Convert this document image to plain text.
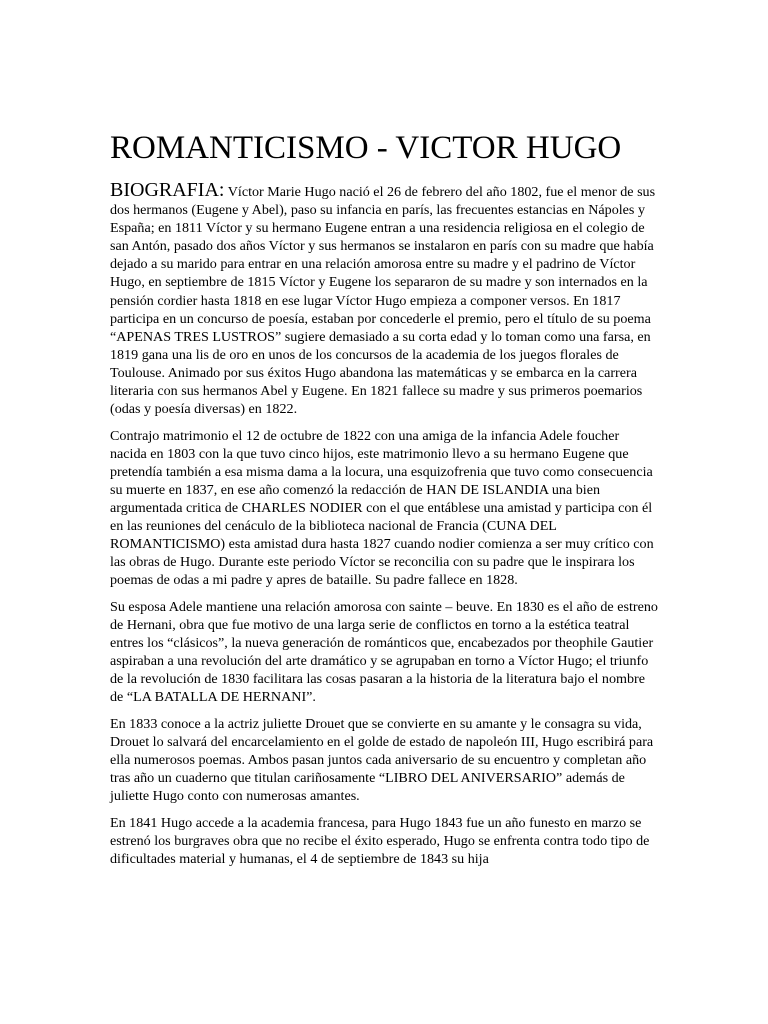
ROMANTICISMO - VICTOR HUGO

BIOGRAFIA: Víctor Marie Hugo nació el 26 de febrero del año 1802, fue el menor de sus dos hermanos (Eugene y Abel), paso su infancia en parís, las frecuentes estancias en Nápoles y España; en 1811 Víctor y su hermano Eugene entran a una residencia religiosa en el colegio de san Antón, pasado dos años Víctor y sus hermanos se instalaron en parís con su madre que había dejado a su marido para entrar en una relación amorosa entre su madre y el padrino de Víctor Hugo, en septiembre de 1815 Víctor y Eugene los separaron de su madre y son internados en la pensión cordier hasta 1818 en ese lugar Víctor Hugo empieza a componer versos. En 1817 participa en un concurso de poesía, estaban por concederle el premio, pero el título de su poema “APENAS TRES LUSTROS” sugiere demasiado a su corta edad y lo toman como una farsa, en 1819 gana una lis de oro en unos de los concursos de la academia de los juegos florales de Toulouse. Animado por sus éxitos Hugo abandona las matemáticas y se embarca en la carrera literaria con sus hermanos Abel y Eugene. En 1821 fallece su madre y sus primeros poemarios (odas y poesía diversas) en 1822.

Contrajo matrimonio el 12 de octubre de 1822 con una amiga de la infancia Adele foucher nacida en 1803 con la que tuvo cinco hijos, este matrimonio llevo a su hermano Eugene que pretendía también a esa misma dama a la locura, una esquizofrenia que tuvo como consecuencia su muerte en 1837, en ese año comenzó la redacción de HAN DE ISLANDIA una bien argumentada critica de CHARLES NODIER con el que entáblese una amistad y participa con él en las reuniones del cenáculo de la biblioteca nacional de Francia (CUNA DEL ROMANTICISMO) esta amistad dura hasta 1827 cuando nodier comienza a ser muy crítico con las obras de Hugo. Durante este periodo Víctor se reconcilia con su padre que le inspirara los poemas de odas a mi padre y apres de bataille. Su padre fallece en 1828.

Su esposa Adele mantiene una relación amorosa con sainte – beuve. En 1830 es el año de estreno de Hernani, obra que fue motivo de una larga serie de conflictos en torno a la estética teatral entres los “clásicos”, la nueva generación de románticos que, encabezados por theophile Gautier aspiraban a una revolución del arte dramático y se agrupaban en torno a Víctor Hugo; el triunfo de la revolución de 1830 facilitara las cosas pasaran a la historia de la literatura bajo el nombre de “LA BATALLA DE HERNANI”.

En 1833 conoce a la actriz juliette Drouet que se convierte en su amante y le consagra su vida, Drouet lo salvará del encarcelamiento en el golde de estado de napoleón III, Hugo escribirá para ella numerosos poemas. Ambos pasan juntos cada aniversario de su encuentro y completan año tras año un cuaderno que titulan cariñosamente “LIBRO DEL ANIVERSARIO” además de juliette Hugo conto con numerosas amantes.

En 1841 Hugo accede a la academia francesa, para Hugo 1843 fue un año funesto en marzo se estrenó los burgraves obra que no recibe el éxito esperado, Hugo se enfrenta contra todo tipo de dificultades material y humanas, el 4 de septiembre de 1843 su hija
